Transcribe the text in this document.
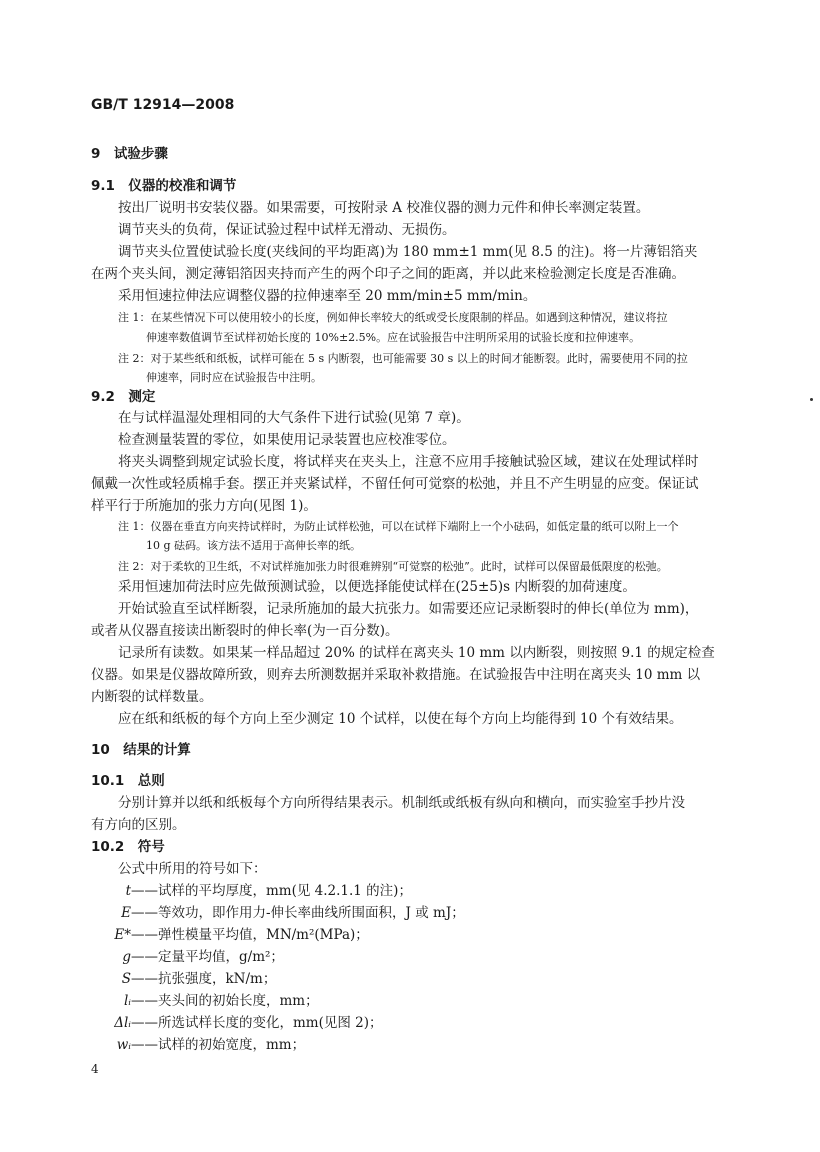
GB/T 12914—2008
9　试验步骤
9.1　仪器的校准和调节
按出厂说明书安装仪器。如果需要，可按附录 A 校准仪器的测力元件和伸长率测定装置。
调节夹头的负荷，保证试验过程中试样无滑动、无损伤。
调节夹头位置使试验长度(夹线间的平均距离)为 180 mm±1 mm(见 8.5 的注)。将一片薄铝箔夹
在两个夹头间，测定薄铝箔因夹持而产生的两个印子之间的距离，并以此来检验测定长度是否准确。
采用恒速拉伸法应调整仪器的拉伸速率至 20 mm/min±5 mm/min。
注 1：在某些情况下可以使用较小的长度，例如伸长率较大的纸或受长度限制的样品。如遇到这种情况，建议将拉
伸速率数值调节至试样初始长度的 10%±2.5%。应在试验报告中注明所采用的试验长度和拉伸速率。
注 2：对于某些纸和纸板，试样可能在 5 s 内断裂，也可能需要 30 s 以上的时间才能断裂。此时，需要使用不同的拉
伸速率，同时应在试验报告中注明。
9.2　测定
在与试样温湿处理相同的大气条件下进行试验(见第 7 章)。
检查测量装置的零位，如果使用记录装置也应校准零位。
将夹头调整到规定试验长度，将试样夹在夹头上，注意不应用手接触试验区域，建议在处理试样时
佩戴一次性或轻质棉手套。摆正并夹紧试样，不留任何可觉察的松弛，并且不产生明显的应变。保证试
样平行于所施加的张力方向(见图 1)。
注 1：仪器在垂直方向夹持试样时，为防止试样松弛，可以在试样下端附上一个小砝码，如低定量的纸可以附上一个
10 g 砝码。该方法不适用于高伸长率的纸。
注 2：对于柔软的卫生纸，不对试样施加张力时很难辨别“可觉察的松弛”。此时，试样可以保留最低限度的松弛。
采用恒速加荷法时应先做预测试验，以便选择能使试样在(25±5)s 内断裂的加荷速度。
开始试验直至试样断裂，记录所施加的最大抗张力。如需要还应记录断裂时的伸长(单位为 mm)，
或者从仪器直接读出断裂时的伸长率(为一百分数)。
记录所有读数。如果某一样品超过 20% 的试样在离夹头 10 mm 以内断裂，则按照 9.1 的规定检查
仪器。如果是仪器故障所致，则弃去所测数据并采取补救措施。在试验报告中注明在离夹头 10 mm 以
内断裂的试样数量。
应在纸和纸板的每个方向上至少测定 10 个试样，以使在每个方向上均能得到 10 个有效结果。
10　结果的计算
10.1　总则
分别计算并以纸和纸板每个方向所得结果表示。机制纸或纸板有纵向和横向，而实验室手抄片没
有方向的区别。
10.2　符号
公式中所用的符号如下：
t——试样的平均厚度，mm(见 4.2.1.1 的注)；
E——等效功，即作用力-伸长率曲线所围面积，J 或 mJ；
E*——弹性模量平均值，MN/m²(MPa)；
g——定量平均值，g/m²；
S——抗张强度，kN/m；
lᵢ——夹头间的初始长度，mm；
Δlᵢ——所选试样长度的变化，mm(见图 2)；
wᵢ——试样的初始宽度，mm；
4
